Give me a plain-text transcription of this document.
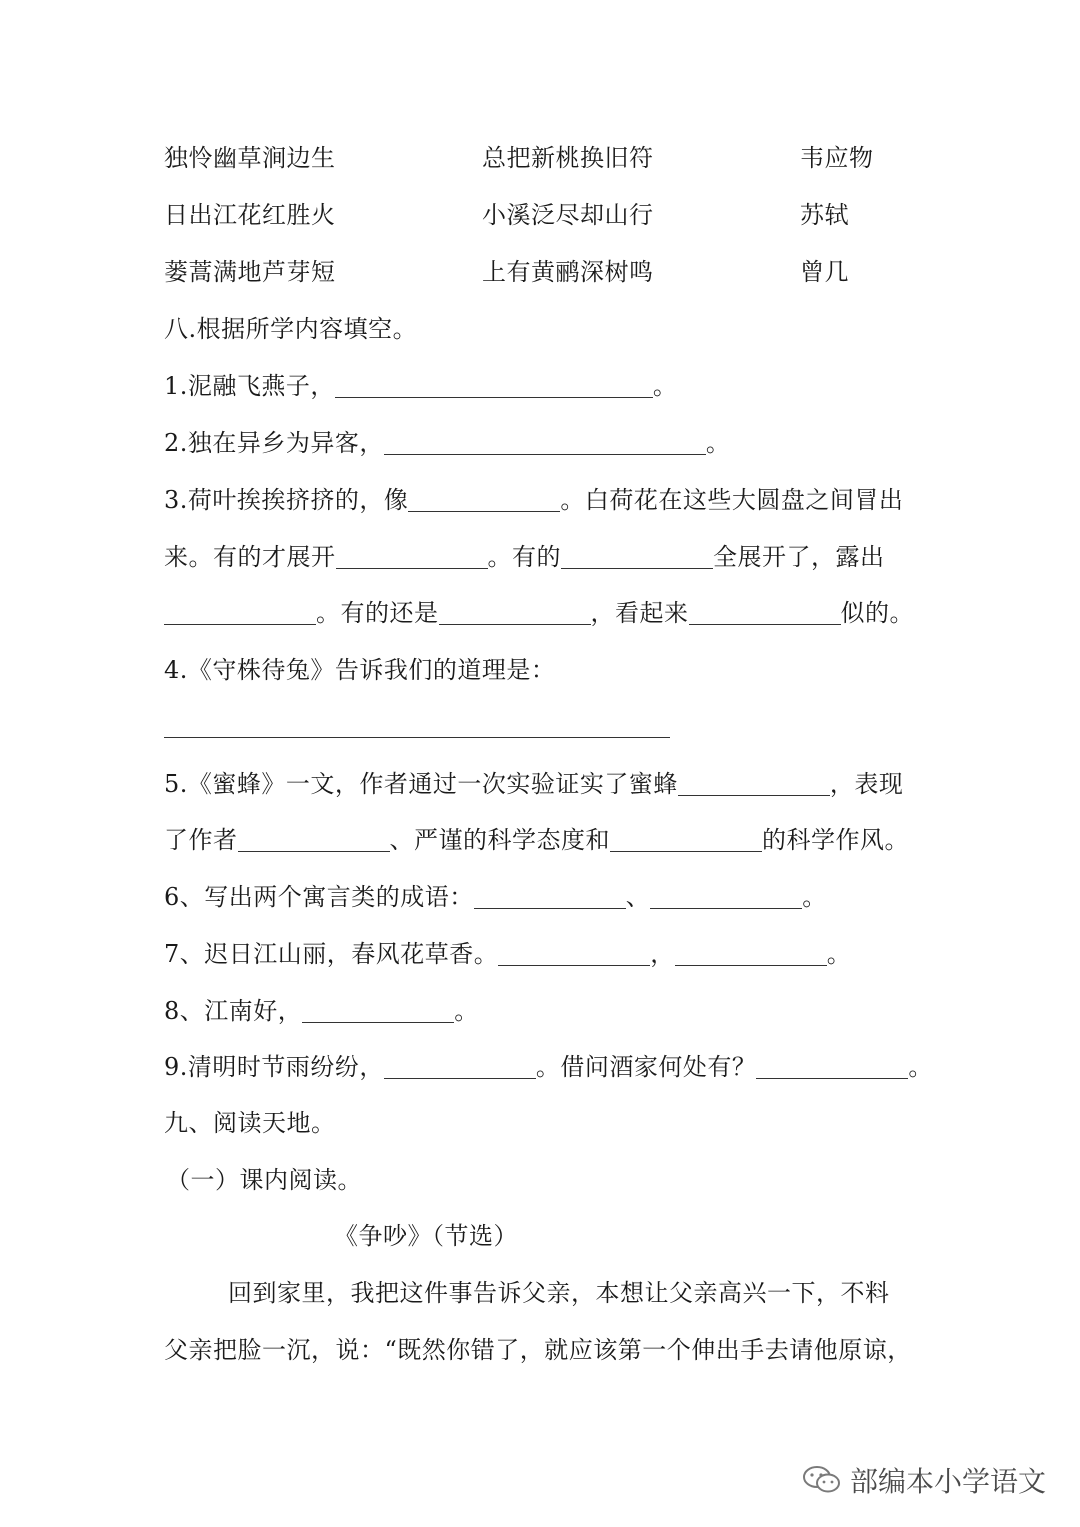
独怜幽草涧边生	总把新桃换旧符	韦应物
日出江花红胜火	小溪泛尽却山行	苏轼
蒌蒿满地芦芽短	上有黄鹂深树鸣	曾几
八.根据所学内容填空。
1.泥融飞燕子，	。
2.独在异乡为异客，	。
3.荷叶挨挨挤挤的，像	。白荷花在这些大圆盘之间冒出
来。有的才展开	。有的	全展开了，露出
。有的还是	，看起来	似的。
4.《守株待兔》告诉我们的道理是：
5.《蜜蜂》一文，作者通过一次实验证实了蜜蜂	，表现
了作者	、严谨的科学态度和	的科学作风。
6、写出两个寓言类的成语：	、	。
7、迟日江山丽，春风花草香。	，	。
8、江南好，	。
9.清明时节雨纷纷，	。借问酒家何处有？	。
九、阅读天地。
（一）课内阅读。
《争吵》（节选）
回到家里，我把这件事告诉父亲，本想让父亲高兴一下，不料
父亲把脸一沉，说：“既然你错了，就应该第一个伸出手去请他原谅，
部编本小学语文
